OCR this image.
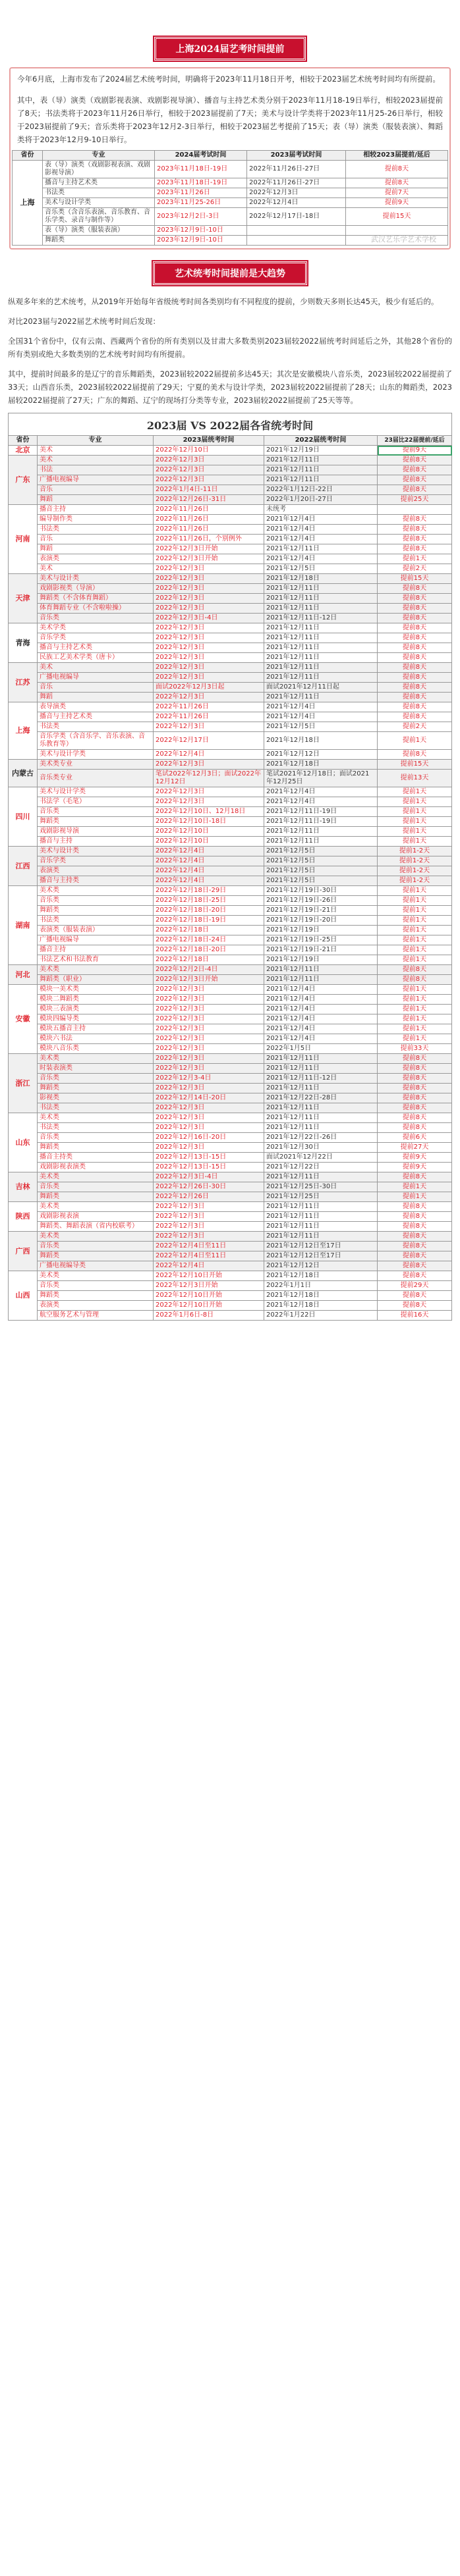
上海2024届艺考时间提前

今年6月底，上海市发布了2024届艺术统考时间，明确将于2023年11月18日开考，相较于2023届艺术统考时间均有所提前。

其中，表（导）演类（戏剧影视表演、戏剧影视导演）、播音与主持艺术类分别于2023年11月18-19日举行，相较2023届提前了8天；书法类将于2023年11月26日举行，相较于2023届提前了7天；美术与设计学类将于2023年11月25-26日举行，相较于2023届提前了9天；音乐类将于2023年12月2-3日举行，相较于2023届艺考提前了15天；表（导）演类（服装表演）、舞蹈类将于2023年12月9-10日举行。

省份	专业	2024届考试时间	2023届考试时间	相较2023届提前/延后
上海	表（导）演类（戏剧影视表演、戏剧影视导演）	2023年11月18日-19日	2022年11月26日-27日	提前8天
	播音与主持艺术类	2023年11月18日-19日	2022年11月26日-27日	提前8天
	书法类	2023年11月26日	2022年12月3日	提前7天
	美术与设计学类	2023年11月25-26日	2022年12月4日	提前9天
	音乐类（含音乐表演、音乐教育、音乐学类、录音与制作等）	2023年12月2日-3日	2022年12月17日-18日	提前15天
	表（导）演类（服装表演）	2023年12月9日-10日		
	舞蹈类	2023年12月9日-10日			武汉艺乐学艺术学校
艺术统考时间提前是大趋势

纵观多年来的艺术统考，从2019年开始每年省级统考时间各类别均有不同程度的提前，少则数天多则长达45天，极少有延后的。

对比2023届与2022届艺术统考时间后发现：

全国31个省份中，仅有云南、西藏两个省份的所有类别以及甘肃大多数类别2023届较2022届统考时间延后之外，其他28个省份的所有类别或绝大多数类别的艺术统考时间均有所提前。

其中，提前时间最多的是辽宁的音乐舞蹈类，2023届较2022届提前多达45天；其次是安徽模块八音乐类，2023届较2022届提前了33天；山西音乐类，2023届较2022届提前了29天；宁夏的美术与设计学类，2023届较2022届提前了28天；山东的舞蹈类，2023届较2022届提前了27天；广东的舞蹈、辽宁的现场打分类等专业，2023届较2022届提前了25天等等。

2023届 VS 2022届各省统考时间
省份	专业	2023届统考时间	2022届统考时间	23届比22届提前/延后
北京	美术	2022年12月10日	2021年12月19日	提前9天
广东	美术	2022年12月3日	2021年12月11日	提前8天
	书法	2022年12月3日	2021年12月11日	提前8天
	广播电视编导	2022年12月3日	2021年12月11日	提前8天
	音乐	2022年1月4日-11日	2022年1月12日-22日	提前8天
	舞蹈	2022年12月26日-31日	2022年1月20日-27日	提前25天
河南	播音主持	2022年11月26日	未统考	
	编导制作类	2022年11月26日	2021年12月4日	提前8天
	书法类	2022年11月26日	2021年12月4日	提前8天
	音乐	2022年11月26日，个别例外	2021年12月4日	提前8天
	舞蹈	2022年12月3日开始	2021年12月11日	提前8天
	表演类	2022年12月3日开始	2021年12月4日	提前1天
	美术	2022年12月3日	2021年12月5日	提前2天
天津	美术与设计类	2022年12月3日	2021年12月18日	提前15天
	戏剧影视类（导演）	2022年12月3日	2021年12月11日	提前8天
	舞蹈类（不含体育舞蹈）	2022年12月3日	2021年12月11日	提前8天
	体育舞蹈专业（不含啦啦操）	2022年12月3日	2021年12月11日	提前8天
	音乐类	2022年12月3日-4日	2021年12月11日-12日	提前8天
青海	美术学类	2022年12月3日	2021年12月11日	提前8天
	音乐学类	2022年12月3日	2021年12月11日	提前8天
	播音与主持艺术类	2022年12月3日	2021年12月11日	提前8天
	民族工艺美术学类（唐卡）	2022年12月3日	2021年12月11日	提前8天
江苏	美术	2022年12月3日	2021年12月11日	提前8天
	广播电视编导	2022年12月3日	2021年12月11日	提前8天
	音乐	面试2022年12月3日起	面试2021年12月11日起	提前8天
	舞蹈	2022年12月3日	2021年12月11日	提前8天
上海	表导演类	2022年11月26日	2021年12月4日	提前8天
	播音与主持艺术类	2022年11月26日	2021年12月4日	提前8天
	书法类	2022年12月3日	2021年12月5日	提前2天
	音乐学类（含音乐学、音乐表演、音乐教育等）	2022年12月17日	2021年12月18日	提前1天
	美术与设计学类	2022年12月4日	2021年12月12日	提前8天
内蒙古	美术类专业	2022年12月3日	2021年12月18日	提前15天
	音乐类专业	笔试2022年12月3日；面试2022年12月12日	笔试2021年12月18日；面试2021年12月25日	提前13天
四川	美术与设计学类	2022年12月3日	2021年12月4日	提前1天
	书法学（毛笔）	2022年12月3日	2021年12月4日	提前1天
	音乐类	2022年12月10日、12月18日	2021年12月11日-19日	提前1天
	舞蹈类	2022年12月10日-18日	2021年12月11日-19日	提前1天
	戏剧影视导演	2022年12月10日	2021年12月11日	提前1天
	播音与主持	2022年12月10日	2021年12月11日	提前1天
江西	美术与设计类	2022年12月4日	2021年12月5日	提前1-2天
	音乐学类	2022年12月4日	2021年12月5日	提前1-2天
	表演类	2022年12月4日	2021年12月5日	提前1-2天
	播音与主持类	2022年12月4日	2021年12月5日	提前1-2天
湖南	美术类	2022年12月18日-29日	2021年12月19日-30日	提前1天
	音乐类	2022年12月18日-25日	2021年12月19日-26日	提前1天
	舞蹈类	2022年12月18日-20日	2021年12月19日-21日	提前1天
	书法类	2022年12月18日-19日	2021年12月19日-20日	提前1天
	表演类（服装表演）	2022年12月18日	2021年12月19日	提前1天
	广播电视编导	2022年12月18日-24日	2021年12月19日-25日	提前1天
	播音主持	2022年12月18日-20日	2021年12月19日-21日	提前1天
	书法艺术和书法教育	2022年12月18日	2021年12月19日	提前1天
河北	美术类	2022年12月2日-4日	2021年12月11日	提前8天
	舞蹈类（职业）	2022年12月3日开始	2021年12月11日	提前8天
安徽	模块一美术类	2022年12月3日	2021年12月4日	提前1天
	模块二舞蹈类	2022年12月3日	2021年12月4日	提前1天
	模块三表演类	2022年12月3日	2021年12月4日	提前1天
	模块四编导类	2022年12月3日	2021年12月4日	提前1天
	模块五播音主持	2022年12月3日	2021年12月4日	提前1天
	模块六书法	2022年12月3日	2021年12月4日	提前1天
	模块八音乐类	2022年12月3日	2022年1月5日	提前33天
浙江	美术类	2022年12月3日	2021年12月11日	提前8天
	时装表演类	2022年12月3日	2021年12月11日	提前8天
	音乐类	2022年12月3-4日	2021年12月11日-12日	提前8天
	舞蹈类	2022年12月3日	2021年12月11日	提前8天
	影视类	2022年12月14日-20日	2021年12月22日-28日	提前8天
	书法类	2022年12月3日	2021年12月11日	提前8天
山东	美术类	2022年12月3日	2021年12月11日	提前8天
	书法类	2022年12月3日	2021年12月11日	提前8天
	音乐类	2022年12月16日-20日	2021年12月22日-26日	提前6天
	舞蹈类	2022年12月3日	2021年12月30日	提前27天
	播音主持类	2022年12月13日-15日	面试2021年12月22日	提前9天
	戏剧影视表演类	2022年12月13日-15日	2021年12月22日	提前9天
吉林	美术类	2022年12月3日-4日	2021年12月11日	提前8天
	音乐类	2022年12月26日-30日	2021年12月25日-30日	提前1天
	舞蹈类	2022年12月26日	2021年12月25日	提前1天
陕西	美术类	2022年12月3日	2021年12月11日	提前8天
	戏剧影视表演	2022年12月3日	2021年12月11日	提前8天
	舞蹈类、舞蹈表演（省内校联考）	2022年12月3日	2021年12月11日	提前8天
广西	美术类	2022年12月3日	2021年12月11日	提前8天
	音乐类	2022年12月4日至11日	2021年12月12日至17日	提前8天
	舞蹈类	2022年12月4日至11日	2021年12月12日至17日	提前8天
	广播电视编导类	2022年12月4日	2021年12月12日	提前8天
山西	美术类	2022年12月10日开始	2021年12月18日	提前8天
	音乐类	2022年12月3日开始	2022年1月1日	提前29天
	舞蹈类	2022年12月10日开始	2021年12月18日	提前8天
	表演类	2022年12月10日开始	2021年12月18日	提前8天
	航空服务艺术与管理	2022年1月6日-8日	2022年1月22日	提前16天
